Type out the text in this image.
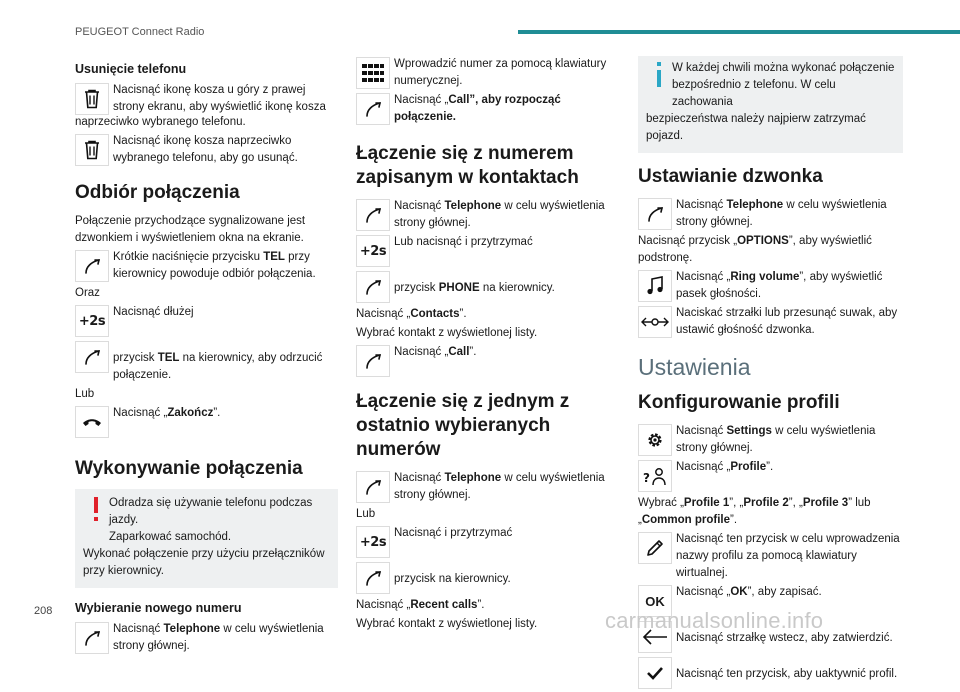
PEUGEOT Connect Radio
208
Usunięcie telefonu
Nacisnąć ikonę kosza u góry z prawej strony ekranu, aby wyświetlić ikonę kosza
naprzeciwko wybranego telefonu.
Nacisnąć ikonę kosza naprzeciwko wybranego telefonu, aby go usunąć.
Odbiór połączenia
Połączenie przychodzące sygnalizowane jest dzwonkiem i wyświetleniem okna na ekranie.
Krótkie naciśnięcie przycisku TEL przy kierownicy powoduje odbiór połączenia.
Oraz
+2s
Nacisnąć dłużej
przycisk TEL na kierownicy, aby odrzucić połączenie.
Lub
Nacisnąć „Zakończ”.
Wykonywanie połączenia
Odradza się używanie telefonu podczas jazdy.
Zaparkować samochód.
Wykonać połączenie przy użyciu przełączników przy kierownicy.
Wybieranie nowego numeru
Nacisnąć Telephone w celu wyświetlenia strony głównej.
Wprowadzić numer za pomocą klawiatury numerycznej.
Nacisnąć „Call”, aby rozpocząć połączenie.
Łączenie się z numerem zapisanym w kontaktach
Nacisnąć Telephone w celu wyświetlenia strony głównej.
+2s
Lub nacisnąć i przytrzymać
przycisk PHONE na kierownicy.
Nacisnąć „Contacts”.
Wybrać kontakt z wyświetlonej listy.
Nacisnąć „Call”.
Łączenie się z jednym z ostatnio wybieranych numerów
Nacisnąć Telephone w celu wyświetlenia strony głównej.
Lub
+2s
Nacisnąć i przytrzymać
przycisk na kierownicy.
Nacisnąć „Recent calls”.
Wybrać kontakt z wyświetlonej listy.
W każdej chwili można wykonać połączenie bezpośrednio z telefonu. W celu zachowania
bezpieczeństwa należy najpierw zatrzymać pojazd.
Ustawianie dzwonka
Nacisnąć Telephone w celu wyświetlenia strony głównej.
Nacisnąć przycisk „OPTIONS”, aby wyświetlić podstronę.
Nacisnąć „Ring volume”, aby wyświetlić pasek głośności.
Naciskać strzałki lub przesunąć suwak, aby ustawić głośność dzwonka.
Ustawienia
Konfigurowanie profili
Nacisnąć Settings w celu wyświetlenia strony głównej.
?
Nacisnąć „Profile”.
Wybrać „Profile 1”, „Profile 2”, „Profile 3” lub „Common profile”.
Nacisnąć ten przycisk w celu wprowadzenia nazwy profilu za pomocą klawiatury wirtualnej.
OK
Nacisnąć „OK”, aby zapisać.
Nacisnąć strzałkę wstecz, aby zatwierdzić.
Nacisnąć ten przycisk, aby uaktywnić profil.
carmanualsonline.info
